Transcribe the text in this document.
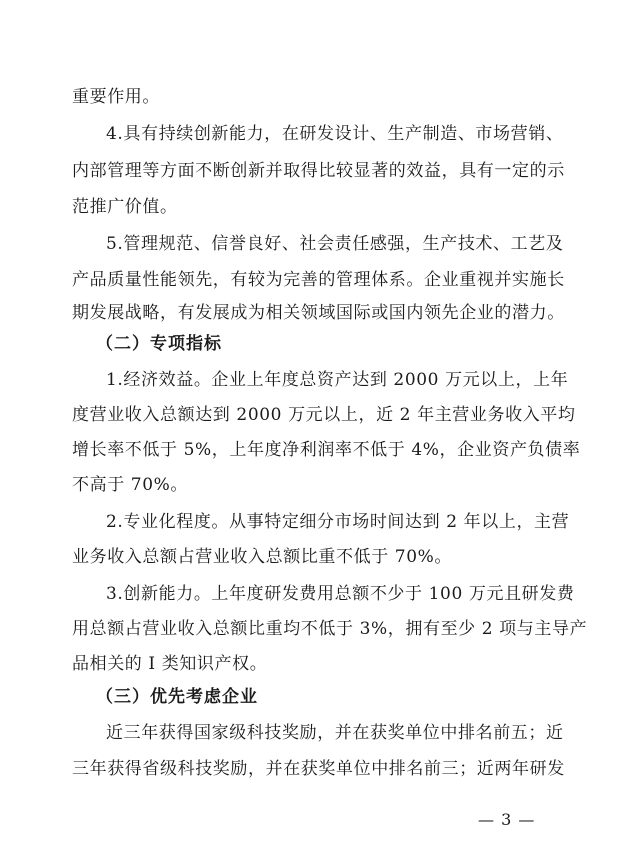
重要作用。
4.具有持续创新能力，在研发设计、生产制造、市场营销、
内部管理等方面不断创新并取得比较显著的效益，具有一定的示
范推广价值。
5.管理规范、信誉良好、社会责任感强，生产技术、工艺及
产品质量性能领先，有较为完善的管理体系。企业重视并实施长
期发展战略，有发展成为相关领域国际或国内领先企业的潜力。
（二）专项指标
1.经济效益。企业上年度总资产达到 2000 万元以上，上年
度营业收入总额达到 2000 万元以上，近 2 年主营业务收入平均
增长率不低于 5%，上年度净利润率不低于 4%，企业资产负债率
不高于 70%。
2.专业化程度。从事特定细分市场时间达到 2 年以上，主营
业务收入总额占营业收入总额比重不低于 70%。
3.创新能力。上年度研发费用总额不少于 100 万元且研发费
用总额占营业收入总额比重均不低于 3%，拥有至少 2 项与主导产
品相关的 I 类知识产权。
（三）优先考虑企业
近三年获得国家级科技奖励，并在获奖单位中排名前五；近
三年获得省级科技奖励，并在获奖单位中排名前三；近两年研发
— 3 —
